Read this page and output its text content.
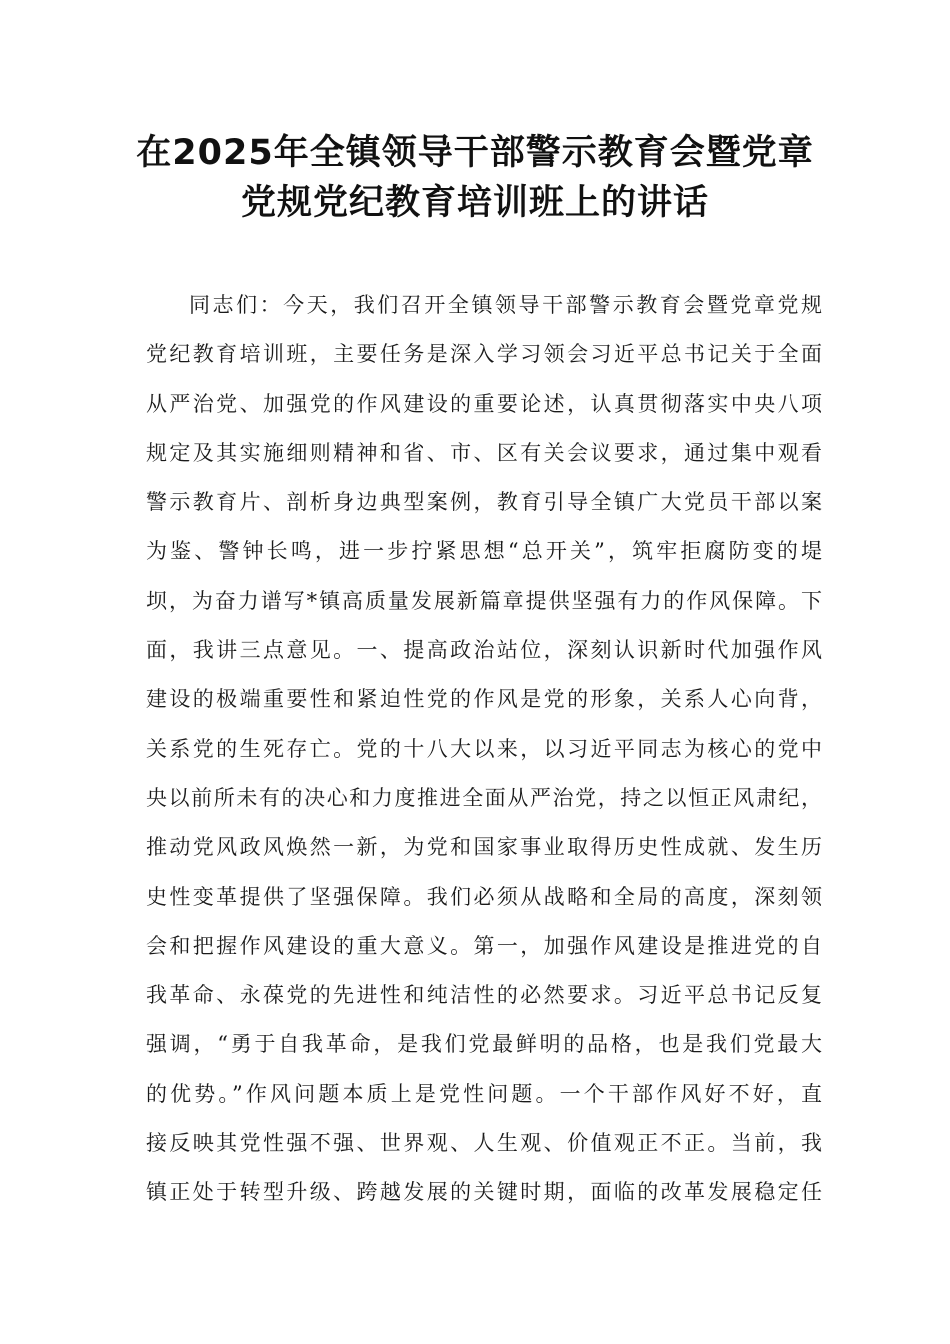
在2025年全镇领导干部警示教育会暨党章
党规党纪教育培训班上的讲话
同志们：今天，我们召开全镇领导干部警示教育会暨党章党规
党纪教育培训班，主要任务是深入学习领会习近平总书记关于全面
从严治党、加强党的作风建设的重要论述，认真贯彻落实中央八项
规定及其实施细则精神和省、市、区有关会议要求，通过集中观看
警示教育片、剖析身边典型案例，教育引导全镇广大党员干部以案
为鉴、警钟长鸣，进一步拧紧思想“总开关”，筑牢拒腐防变的堤
坝，为奋力谱写*镇高质量发展新篇章提供坚强有力的作风保障。下
面，我讲三点意见。一、提高政治站位，深刻认识新时代加强作风
建设的极端重要性和紧迫性党的作风是党的形象，关系人心向背，
关系党的生死存亡。党的十八大以来，以习近平同志为核心的党中
央以前所未有的决心和力度推进全面从严治党，持之以恒正风肃纪，
推动党风政风焕然一新，为党和国家事业取得历史性成就、发生历
史性变革提供了坚强保障。我们必须从战略和全局的高度，深刻领
会和把握作风建设的重大意义。第一，加强作风建设是推进党的自
我革命、永葆党的先进性和纯洁性的必然要求。习近平总书记反复
强调，“勇于自我革命，是我们党最鲜明的品格，也是我们党最大
的优势。”作风问题本质上是党性问题。一个干部作风好不好，直
接反映其党性强不强、世界观、人生观、价值观正不正。当前，我
镇正处于转型升级、跨越发展的关键时期，面临的改革发展稳定任
